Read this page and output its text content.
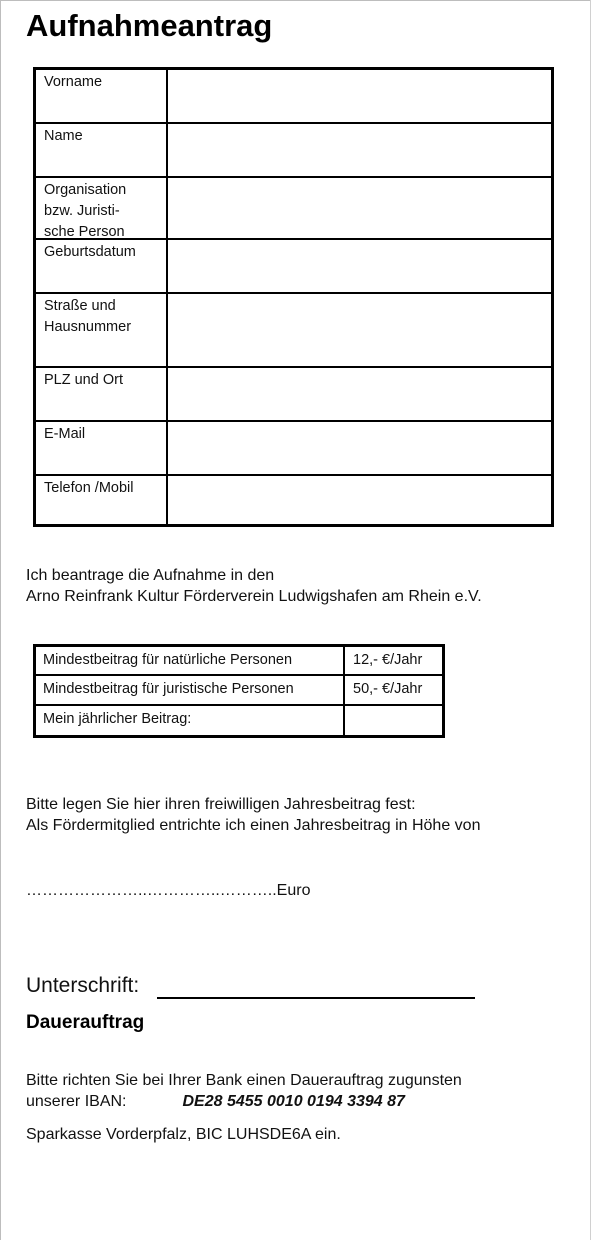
Aufnahmeantrag
Vorname
Name
Organisation
bzw. Juristi-
sche Person
Geburtsdatum
Straße und
Hausnummer
PLZ und Ort
E-Mail
Telefon /Mobil
Ich beantrage die Aufnahme in den
Arno Reinfrank Kultur Förderverein Ludwigshafen am Rhein e.V.
Mindestbeitrag für natürliche Personen	12,- €/Jahr
Mindestbeitrag für juristische Personen	50,- €/Jahr
Mein jährlicher Beitrag:
Bitte legen Sie hier ihren freiwilligen Jahresbeitrag fest:
Als Fördermitglied entrichte ich einen Jahresbeitrag in Höhe von
…………………..…………..………..Euro
Unterschrift:
Dauerauftrag
Bitte richten Sie bei Ihrer Bank einen Dauerauftrag zugunsten
unserer IBAN:	DE28 5455 0010 0194 3394 87
Sparkasse Vorderpfalz, BIC LUHSDE6A ein.
